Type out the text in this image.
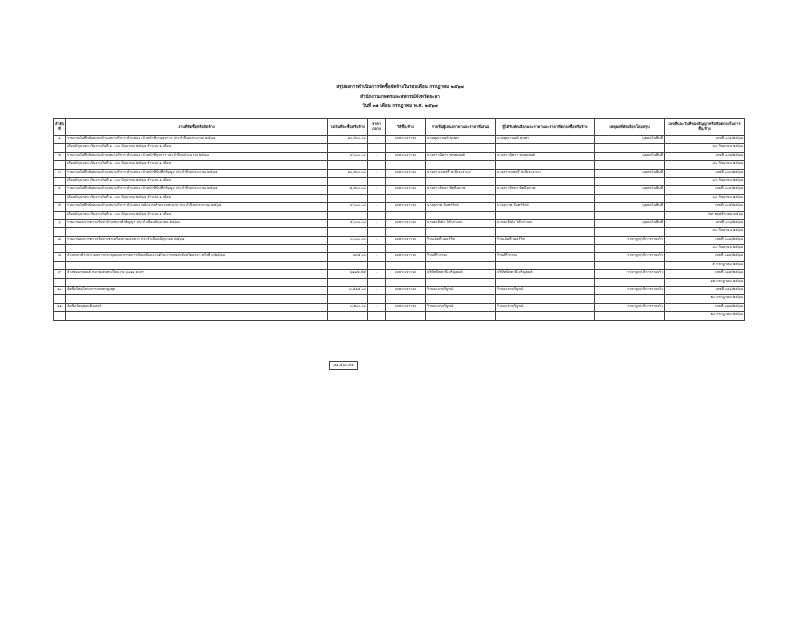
สรุปผลการดำเนินการจัดซื้อจัดจ้างในรอบเดือน กรกฎาคม ๒๕๖๗
สำนักงานเกษตรและสหกรณ์จังหวัดยะลา
วันที่ ๓๑ เดือน กรกฎาคม พ.ศ. ๒๕๖๗
ลำดับที่	งานที่จัดซื้อหรือจัดจ้าง	วงเงินที่จะซื้อหรือจ้าง	ราคากลาง	วิธีซื้อ/จ้าง	รายชื่อผู้เสนอราคาและราคาที่เสนอ	ผู้ได้รับคัดเลือกและราคาและราคาที่ตกลงซื้อหรือจ้าง	เหตุผลที่คัดเลือกโดยสรุป	เลขที่และวันที่ของสัญญาหรือข้อตกลงในการซื้อ/จ้าง
๑	รายงานบันทึกข้อตกลงจ้างเหมาบริการ ตำแหน่ง เจ้าหน้าที่งานธุรการ ประจำปีงบประมาณ ๒๕๖๗	๑๐,๕๐๐.๐๐	-	เฉพาะเจาะจง	นายคุณานนท์ ขุนทร	นายคุณานนท์ ขุนทร	บุคคลในพื้นที่	เลขที่ ๐๐๑/๒๕๖๗
	เดือนมิถุนายน เริ่มงานวันที่ ๑ - ๓๐ มิถุนายน ๒๕๖๗ จำนวน ๑ เดือน							๓๐ กันยายน ๒๕๖๗
๒	รายงานบันทึกข้อตกลงจ้างเหมาบริการ ตำแหน่ง เจ้าหน้าที่ธุรการ ประจำปีงบประมาณ ๒๕๖๗	๙,๐๐๐.๐๐	-	เฉพาะเจาะจง	นางสาวนิตรา พรหมพงศ์	นางสาวนิตรา พรหมพงศ์	บุคคลในพื้นที่	เลขที่ ๐๐๒/๒๕๖๗
	เดือนมิถุนายน เริ่มงานวันที่ ๑ - ๓๐ มิถุนายน ๒๕๖๗ จำนวน ๑ เดือน							๓๐ กันยายน ๒๕๖๗
๓	รายงานบันทึกข้อตกลงจ้างเหมาบริการ ตำแหน่ง เจ้าหน้าที่บันทึกข้อมูล ประจำปีงบประมาณ ๒๕๖๗	๑๐,๕๐๐.๐๐	-	เฉพาะเจาะจง	นางสาวเกษตรี หะยีเจะอาแว	นางสาวเกษตรี หะยีเจะอาแว	บุคคลในพื้นที่	เลขที่ ๐๐๓/๒๕๖๗
	เดือนมิถุนายน เริ่มงานวันที่ ๑ - ๓๐ มิถุนายน ๒๕๖๗ จำนวน ๑ เดือน							๓๐ กันยายน ๒๕๖๗
๔	รายงานบันทึกข้อตกลงจ้างเหมาบริการ ตำแหน่ง เจ้าหน้าที่บันทึกข้อมูล ประจำปีงบประมาณ ๒๕๖๗	๘,๕๐๐.๐๐	-	เฉพาะเจาะจง	นางสาวรัตนา ทัศนียภาพ	นางสาวรัตนา ทัศนียภาพ	บุคคลในพื้นที่	เลขที่ ๐๐๔/๒๕๖๗
	เดือนมิถุนายน เริ่มงานวันที่ ๑ - ๓๐ มิถุนายน ๒๕๖๗ จำนวน ๑ เดือน							๓๐ กันยายน ๒๕๖๗
๕	รายงานบันทึกข้อตกลงจ้างเหมาบริการ ตำแหน่ง พนักงานทำความสะอาด ประจำปีงบประมาณ ๒๕๖๗	๙,๐๐๐.๐๐	-	เฉพาะเจาะจง	นางสุภาพ จันทร์รักษ์	นางสุภาพ จันทร์รักษ์	บุคคลในพื้นที่	เลขที่ ๐๐๕/๒๕๖๗
	เดือนมิถุนายน เริ่มงานวันที่ ๑ - ๓๐ มิถุนายน ๒๕๖๗ จำนวน ๑ เดือน							๒๙ พฤศจิกายน ๒๕๖๖
๖	รายงานผลการตรวจรับค่าจ้างเหมาทำสัญญา ประจำเดือนมิถุนายน ๒๕๖๗	๕,๐๐๐.๐๐	-	เฉพาะเจาะจง	นายยะยีเด็ง โต๊ะสาและ	นายยะยีเด็ง โต๊ะสาและ	บุคคลในพื้นที่	เลขที่ ๐๐๖/๒๕๖๗
								๓๐ กันยายน ๒๕๖๗
๗	รายงานผลการตรวจรับค่าเช่าเครื่องถ่ายเอกสาร ประจำเดือนมิถุนายน ๒๕๖๗	๓,๐๐๐.๐๐	-	เฉพาะเจาะจง	ร้านเอ็มที เคอร์วิท	ร้านเอ็มที เคอร์วิท	ราคาถูก/บริการรวดเร็ว	เลขที่ ๐๐๗/๒๕๖๗
								๓๐ กันยายน ๒๕๖๗
๘	จ้างเหมาทำประกอบการประชุมคณะกรรมการขับเคลื่อนงานด้านการเกษตรจังหวัดยะลา ครั้งที่ ๓/๒๕๖๗	๓๓๕.๐๐	-	เฉพาะเจาะจง	ร้านศิรีวรรณ	ร้านศิรีวรรณ	ราคาถูก/บริการรวดเร็ว	เลขที่ ๐๑๔/๒๕๖๗
								๙ กรกฎาคม ๒๕๖๗
๙	จ้างซ่อมรถยนต์ หมายเลขทะเบียน กจ ๖๐๑๑ ยะลา	๖๑๑๕.๕๕	-	เฉพาะเจาะจง	บริษัทปัตตานีเจริญยนต์	บริษัทปัตตานีเจริญยนต์	ราคาถูก/บริการรวดเร็ว	เลขที่ ๐๑๕/๒๕๖๗
								๑๒ กรกฎาคม ๒๕๖๗
๑๐	จัดซื้อวัสดุโครงการเกษตรสูงสุด	๓,๕๑๔.๐๐	-	เฉพาะเจาะจง	ร้านยะลาบริบูรณ์	ร้านยะลาบริบูรณ์	ราคาถูก/บริการรวดเร็ว	เลขที่ ๐๑๖/๒๕๖๗
								๒๐ กรกฎาคม ๒๕๖๗
๑๑	จัดซื้อวัสดุคอมพิวเตอร์	๓,๒๐๐.๐๐	-	เฉพาะเจาะจง	ร้านยะลาบริบูรณ์	ร้านยะลาบริบูรณ์	ราคาถูก/บริการรวดเร็ว	เลขที่ ๐๑๗/๒๕๖๗
								๒๐ กรกฎาคม ๒๕๖๗
๗๑,๕๖๓.๕๕
